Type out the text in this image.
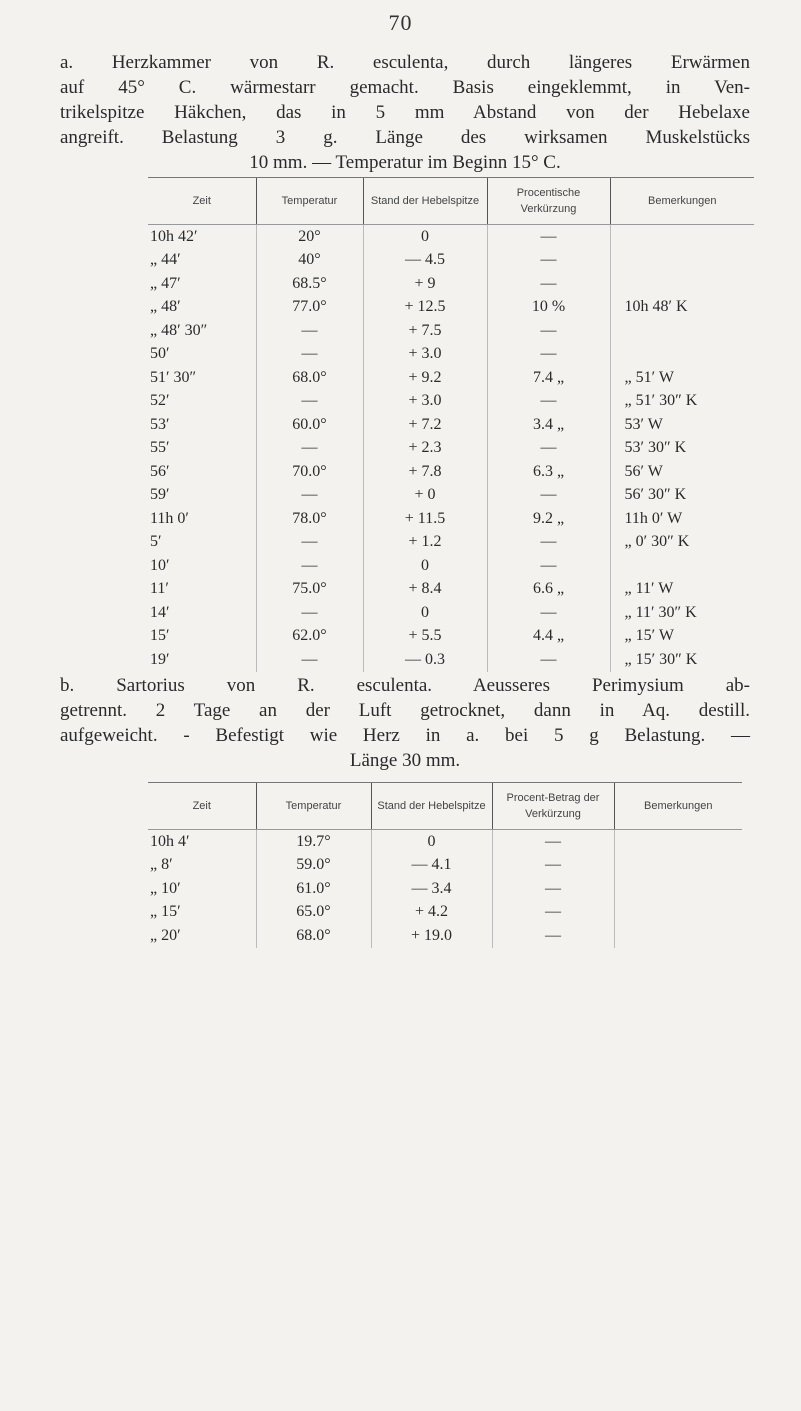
70
a. Herzkammer von R. esculenta, durch längeres Erwärmen
auf 45° C. wärmestarr gemacht. Basis eingeklemmt, in Ven-
trikelspitze Häkchen, das in 5 mm Abstand von der Hebelaxe
angreift. Belastung 3 g. Länge des wirksamen Muskelstücks
10 mm. — Temperatur im Beginn 15° C.
Zeit	Temperatur	Stand der Hebelspitze	Procentische Verkürzung	Bemerkungen
10h 42′	20°	0	—	
„ 44′	40°	— 4.5	—	
„ 47′	68.5°	+ 9	—	
„ 48′	77.0°	+ 12.5	10 %	10h 48′ K
„ 48′ 30″	—	+ 7.5	—	
50′	—	+ 3.0	—	
51′ 30″	68.0°	+ 9.2	7.4 „	„ 51′ W
52′	—	+ 3.0	—	„ 51′ 30″ K
53′	60.0°	+ 7.2	3.4 „	53′ W
55′	—	+ 2.3	—	53′ 30″ K
56′	70.0°	+ 7.8	6.3 „	56′ W
59′	—	+ 0	—	56′ 30″ K
11h 0′	78.0°	+ 11.5	9.2 „	11h 0′ W
5′	—	+ 1.2	—	„ 0′ 30″ K
10′	—	0	—	
11′	75.0°	+ 8.4	6.6 „	„ 11′ W
14′	—	0	—	„ 11′ 30″ K
15′	62.0°	+ 5.5	4.4 „	„ 15′ W
19′	—	— 0.3	—	„ 15′ 30″ K
b. Sartorius von R. esculenta. Aeusseres Perimysium ab-
getrennt. 2 Tage an der Luft getrocknet, dann in Aq. destill.
aufgeweicht. - Befestigt wie Herz in a. bei 5 g Belastung. —
Länge 30 mm.
Zeit	Temperatur	Stand der Hebelspitze	Procent-Betrag der Verkürzung	Bemerkungen
10h 4′	19.7°	0	—	
„ 8′	59.0°	— 4.1	—	
„ 10′	61.0°	— 3.4	—	
„ 15′	65.0°	+ 4.2	—	
„ 20′	68.0°	+ 19.0	—	
